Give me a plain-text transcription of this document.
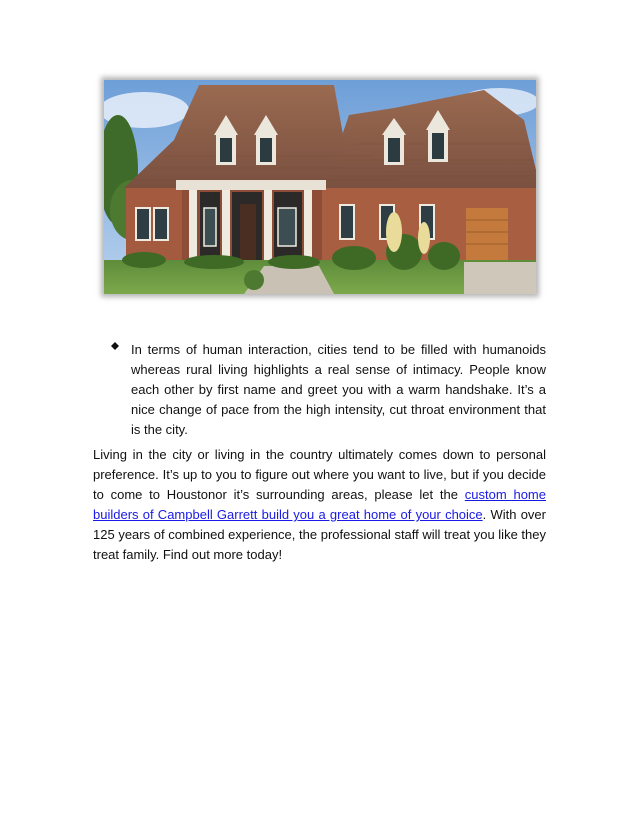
In terms of human interaction, cities tend to be filled with humanoids whereas rural living highlights a real sense of intimacy. People know each other by first name and greet you with a warm handshake. It’s a nice change of pace from the high intensity, cut throat environment that is the city.

Living in the city or living in the country ultimately comes down to personal preference. It’s up to you to figure out where you want to live, but if you decide to come to Houstonor it’s surrounding areas, please let the custom home builders of Campbell Garrett build you a great home of your choice. With over 125 years of combined experience, the professional staff will treat you like they treat family. Find out more today!
